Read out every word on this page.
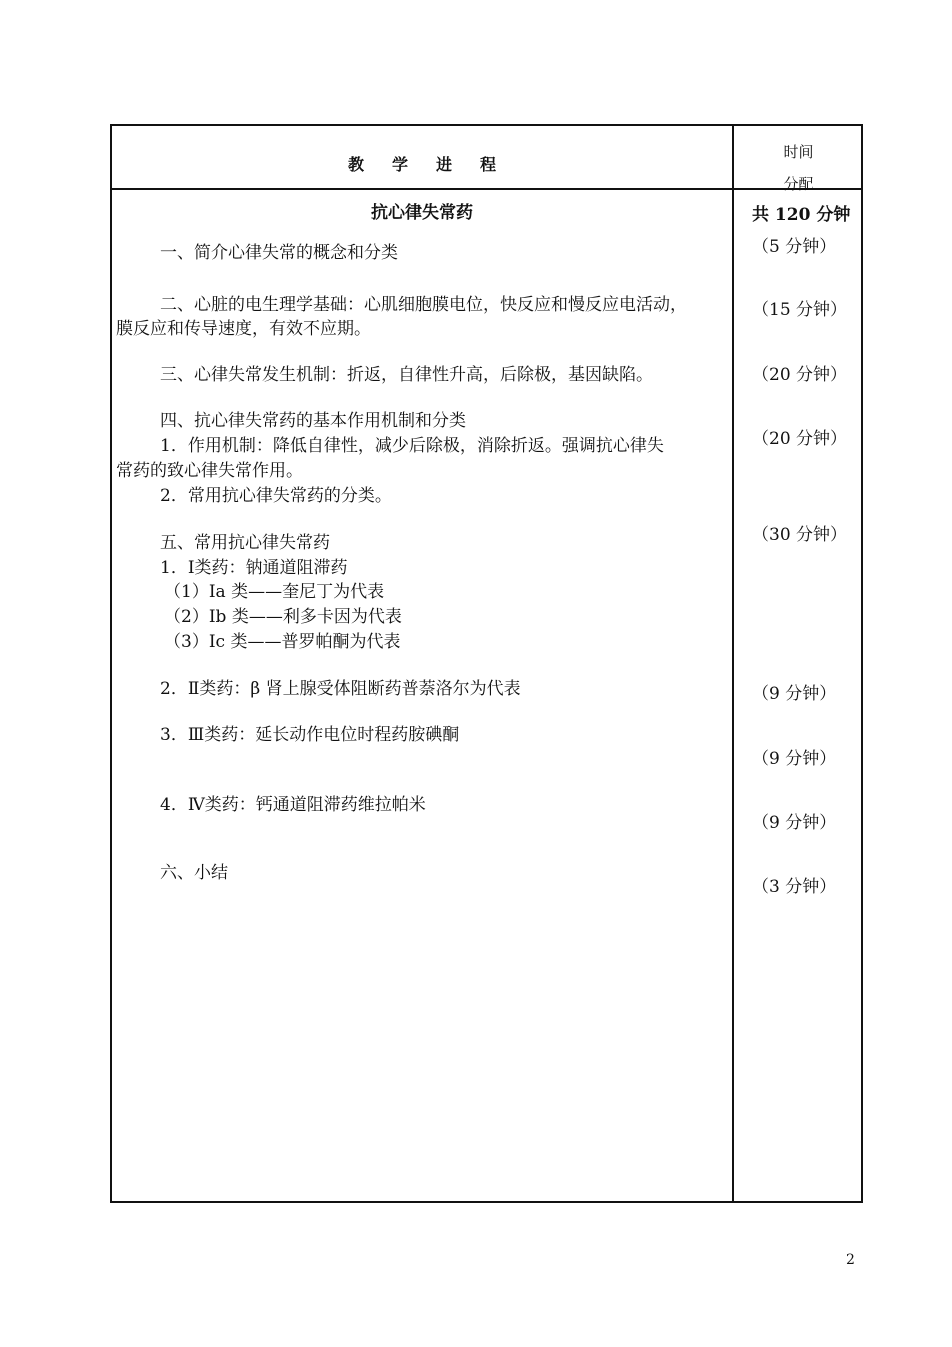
教学进程
时间
分配
抗心律失常药	共 120 分钟
一、简介心律失常的概念和分类
二、心脏的电生理学基础：心肌细胞膜电位，快反应和慢反应电活动，
膜反应和传导速度，有效不应期。
三、心律失常发生机制：折返，自律性升高，后除极，基因缺陷。
四、抗心律失常药的基本作用机制和分类
1．作用机制：降低自律性，减少后除极，消除折返。强调抗心律失
常药的致心律失常作用。
2．常用抗心律失常药的分类。
五、常用抗心律失常药
1．Ⅰ类药：钠通道阻滞药
（1）Ⅰa 类——奎尼丁为代表
（2）Ⅰb 类——利多卡因为代表
（3）Ⅰc 类——普罗帕酮为代表
2．Ⅱ类药：β 肾上腺受体阻断药普萘洛尔为代表
3．Ⅲ类药：延长动作电位时程药胺碘酮
4．Ⅳ类药：钙通道阻滞药维拉帕米
六、小结
（5 分钟）
（15 分钟）
（20 分钟）
（20 分钟）
（30 分钟）
（9 分钟）
（9 分钟）
（9 分钟）
（3 分钟）
2
